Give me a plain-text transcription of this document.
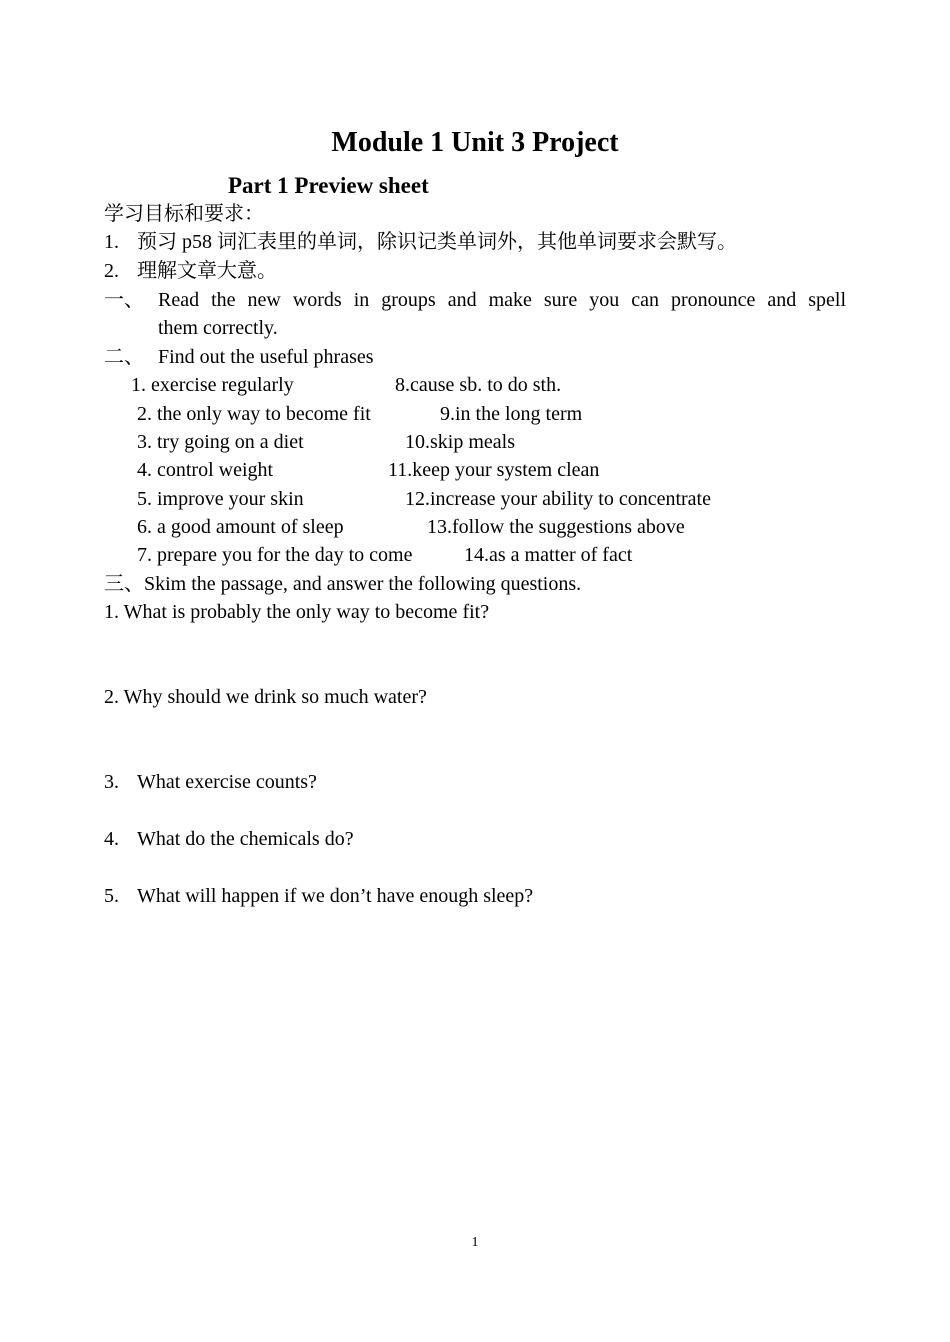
Module 1 Unit 3 Project
Part 1 Preview sheet
学习目标和要求：
1. 预习 p58 词汇表里的单词，除识记类单词外，其他单词要求会默写。
2. 理解文章大意。
一、 Read the new words in groups and make sure you can pronounce and spell
them correctly.
二、 Find out the useful phrases
1. exercise regularly
2. the only way to become fit
3. try going on a diet
4. control weight
5. improve your skin
6. a good amount of sleep
7. prepare you for the day to come
8.cause sb. to do sth.
9.in the long term
10.skip meals
11.keep your system clean
12.increase your ability to concentrate
13.follow the suggestions above
14.as a matter of fact
三、Skim the passage, and answer the following questions.
1. What is probably the only way to become fit?
2. Why should we drink so much water?
3. What exercise counts?
4. What do the chemicals do?
5. What will happen if we don’t have enough sleep?
1
